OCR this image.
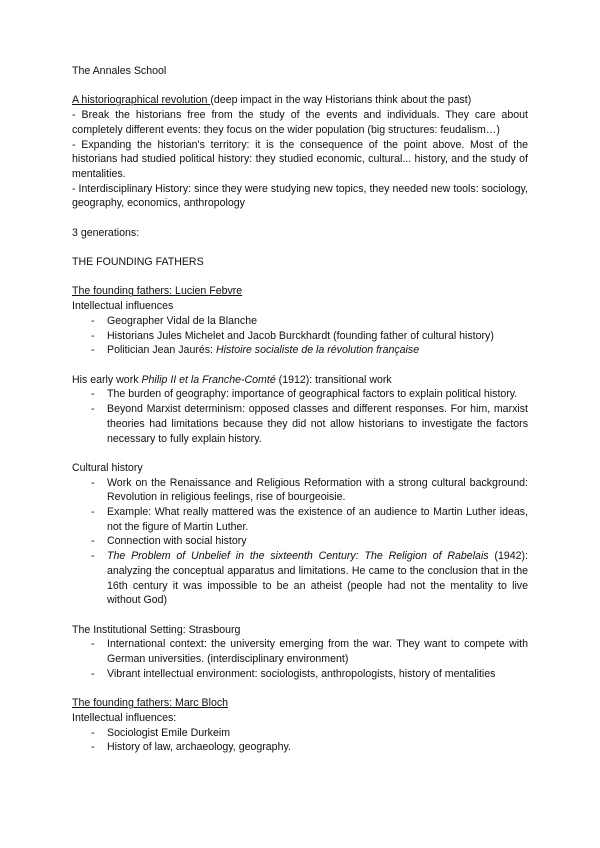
The Annales School

A historiographical revolution (deep impact in the way Historians think about the past)

- Break the historians free from the study of the events and individuals. They care about completely different events: they focus on the wider population (big structures: feudalism…)

- Expanding the historian's territory: it is the consequence of the point above. Most of the historians had studied political history: they studied economic, cultural... history, and the study of mentalities.

- Interdisciplinary History: since they were studying new topics, they needed new tools: sociology, geography, economics, anthropology

3 generations:

THE FOUNDING FATHERS

The founding fathers: Lucien Febvre

Intellectual influences

- Geographer Vidal de la Blanche
- Historians Jules Michelet and Jacob Burckhardt (founding father of cultural history)
- Politician Jean Jaurés: Histoire socialiste de la révolution française

His early work Philip II et la Franche-Comté (1912): transitional work

- The burden of geography: importance of geographical factors to explain political history.
- Beyond Marxist determinism: opposed classes and different responses. For him, marxist theories had limitations because they did not allow historians to investigate the factors necessary to fully explain history.

Cultural history

- Work on the Renaissance and Religious Reformation with a strong cultural background: Revolution in religious feelings, rise of bourgeoisie.
- Example: What really mattered was the existence of an audience to Martin Luther ideas, not the figure of Martin Luther.
- Connection with social history
- The Problem of Unbelief in the sixteenth Century: The Religion of Rabelais (1942): analyzing the conceptual apparatus and limitations. He came to the conclusion that in the 16th century it was impossible to be an atheist (people had not the mentality to live without God)

The Institutional Setting: Strasbourg

- International context: the university emerging from the war. They want to compete with German universities. (interdisciplinary environment)
- Vibrant intellectual environment: sociologists, anthropologists, history of mentalities

The founding fathers: Marc Bloch

Intellectual influences:

- Sociologist Emile Durkeim
- History of law, archaeology, geography.
